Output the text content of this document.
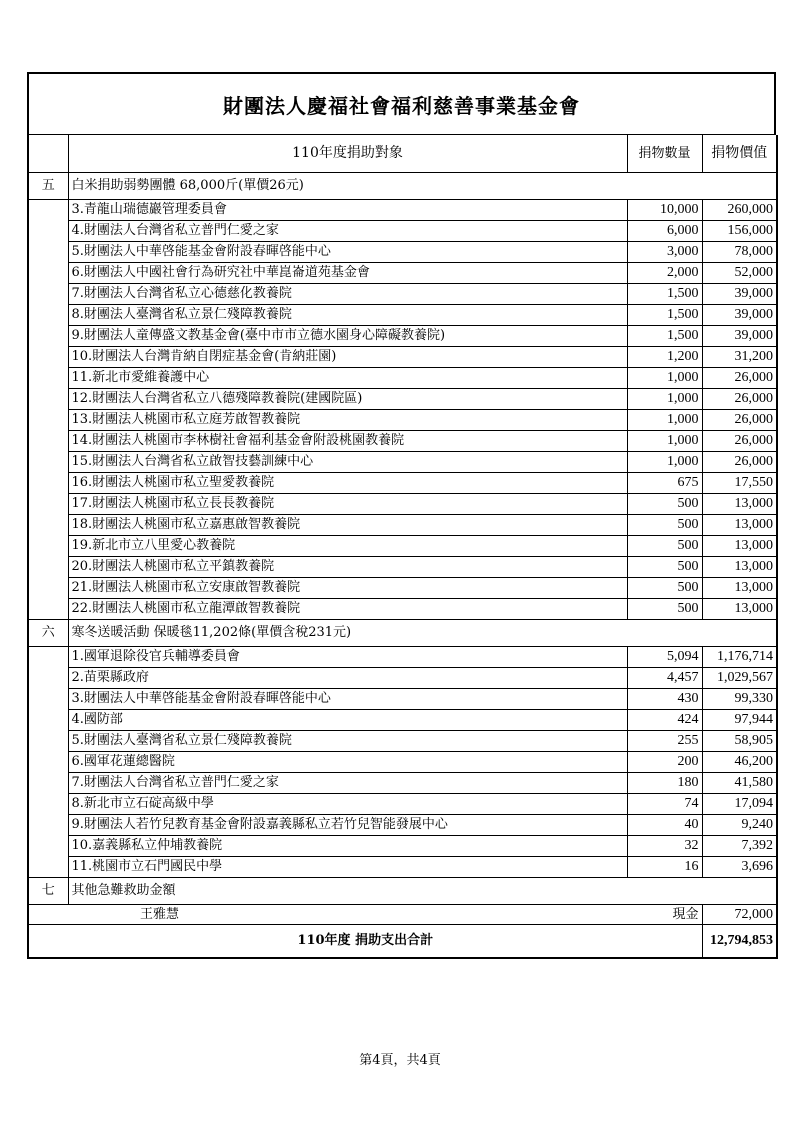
財團法人慶福社會福利慈善事業基金會
	110年度捐助對象	捐物數量	捐物價值
五	白米捐助弱勢團體 68,000斤(單價26元)		
	3.青龍山瑞德巖管理委員會	10,000	260,000
	4.財團法人台灣省私立普門仁愛之家	6,000	156,000
	5.財團法人中華啓能基金會附設春暉啓能中心	3,000	78,000
	6.財團法人中國社會行為研究社中華崑崙道苑基金會	2,000	52,000
	7.財團法人台灣省私立心德慈化教養院	1,500	39,000
	8.財團法人臺灣省私立景仁殘障教養院	1,500	39,000
	9.財團法人童傳盛文教基金會(臺中市市立德水園身心障礙教養院)	1,500	39,000
	10.財團法人台灣肯納自閉症基金會(肯納莊園)	1,200	31,200
	11.新北市愛維養護中心	1,000	26,000
	12.財團法人台灣省私立八德殘障教養院(建國院區)	1,000	26,000
	13.財團法人桃園市私立庭芳啟智教養院	1,000	26,000
	14.財團法人桃園市李林樹社會福利基金會附設桃園教養院	1,000	26,000
	15.財團法人台灣省私立啟智技藝訓練中心	1,000	26,000
	16.財團法人桃園市私立聖愛教養院	675	17,550
	17.財團法人桃園市私立長長教養院	500	13,000
	18.財團法人桃園市私立嘉惠啟智教養院	500	13,000
	19.新北市立八里愛心教養院	500	13,000
	20.財團法人桃園市私立平鎮教養院	500	13,000
	21.財團法人桃園市私立安康啟智教養院	500	13,000
	22.財團法人桃園市私立龍潭啟智教養院	500	13,000
六	寒冬送暖活動 保暖毯11,202條(單價含稅231元)		
	1.國軍退除役官兵輔導委員會	5,094	1,176,714
	2.苗栗縣政府	4,457	1,029,567
	3.財團法人中華啓能基金會附設春暉啓能中心	430	99,330
	4.國防部	424	97,944
	5.財團法人臺灣省私立景仁殘障教養院	255	58,905
	6.國軍花蓮總醫院	200	46,200
	7.財團法人台灣省私立普門仁愛之家	180	41,580
	8.新北市立石碇高級中學	74	17,094
	9.財團法人若竹兒教育基金會附設嘉義縣私立若竹兒智能發展中心	40	9,240
	10.嘉義縣私立仲埔教養院	32	7,392
	11.桃園市立石門國民中學	16	3,696
七	其他急難救助金額		
	王雅慧	現金	72,000
110年度 捐助支出合計			12,794,853
第4頁，共4頁
